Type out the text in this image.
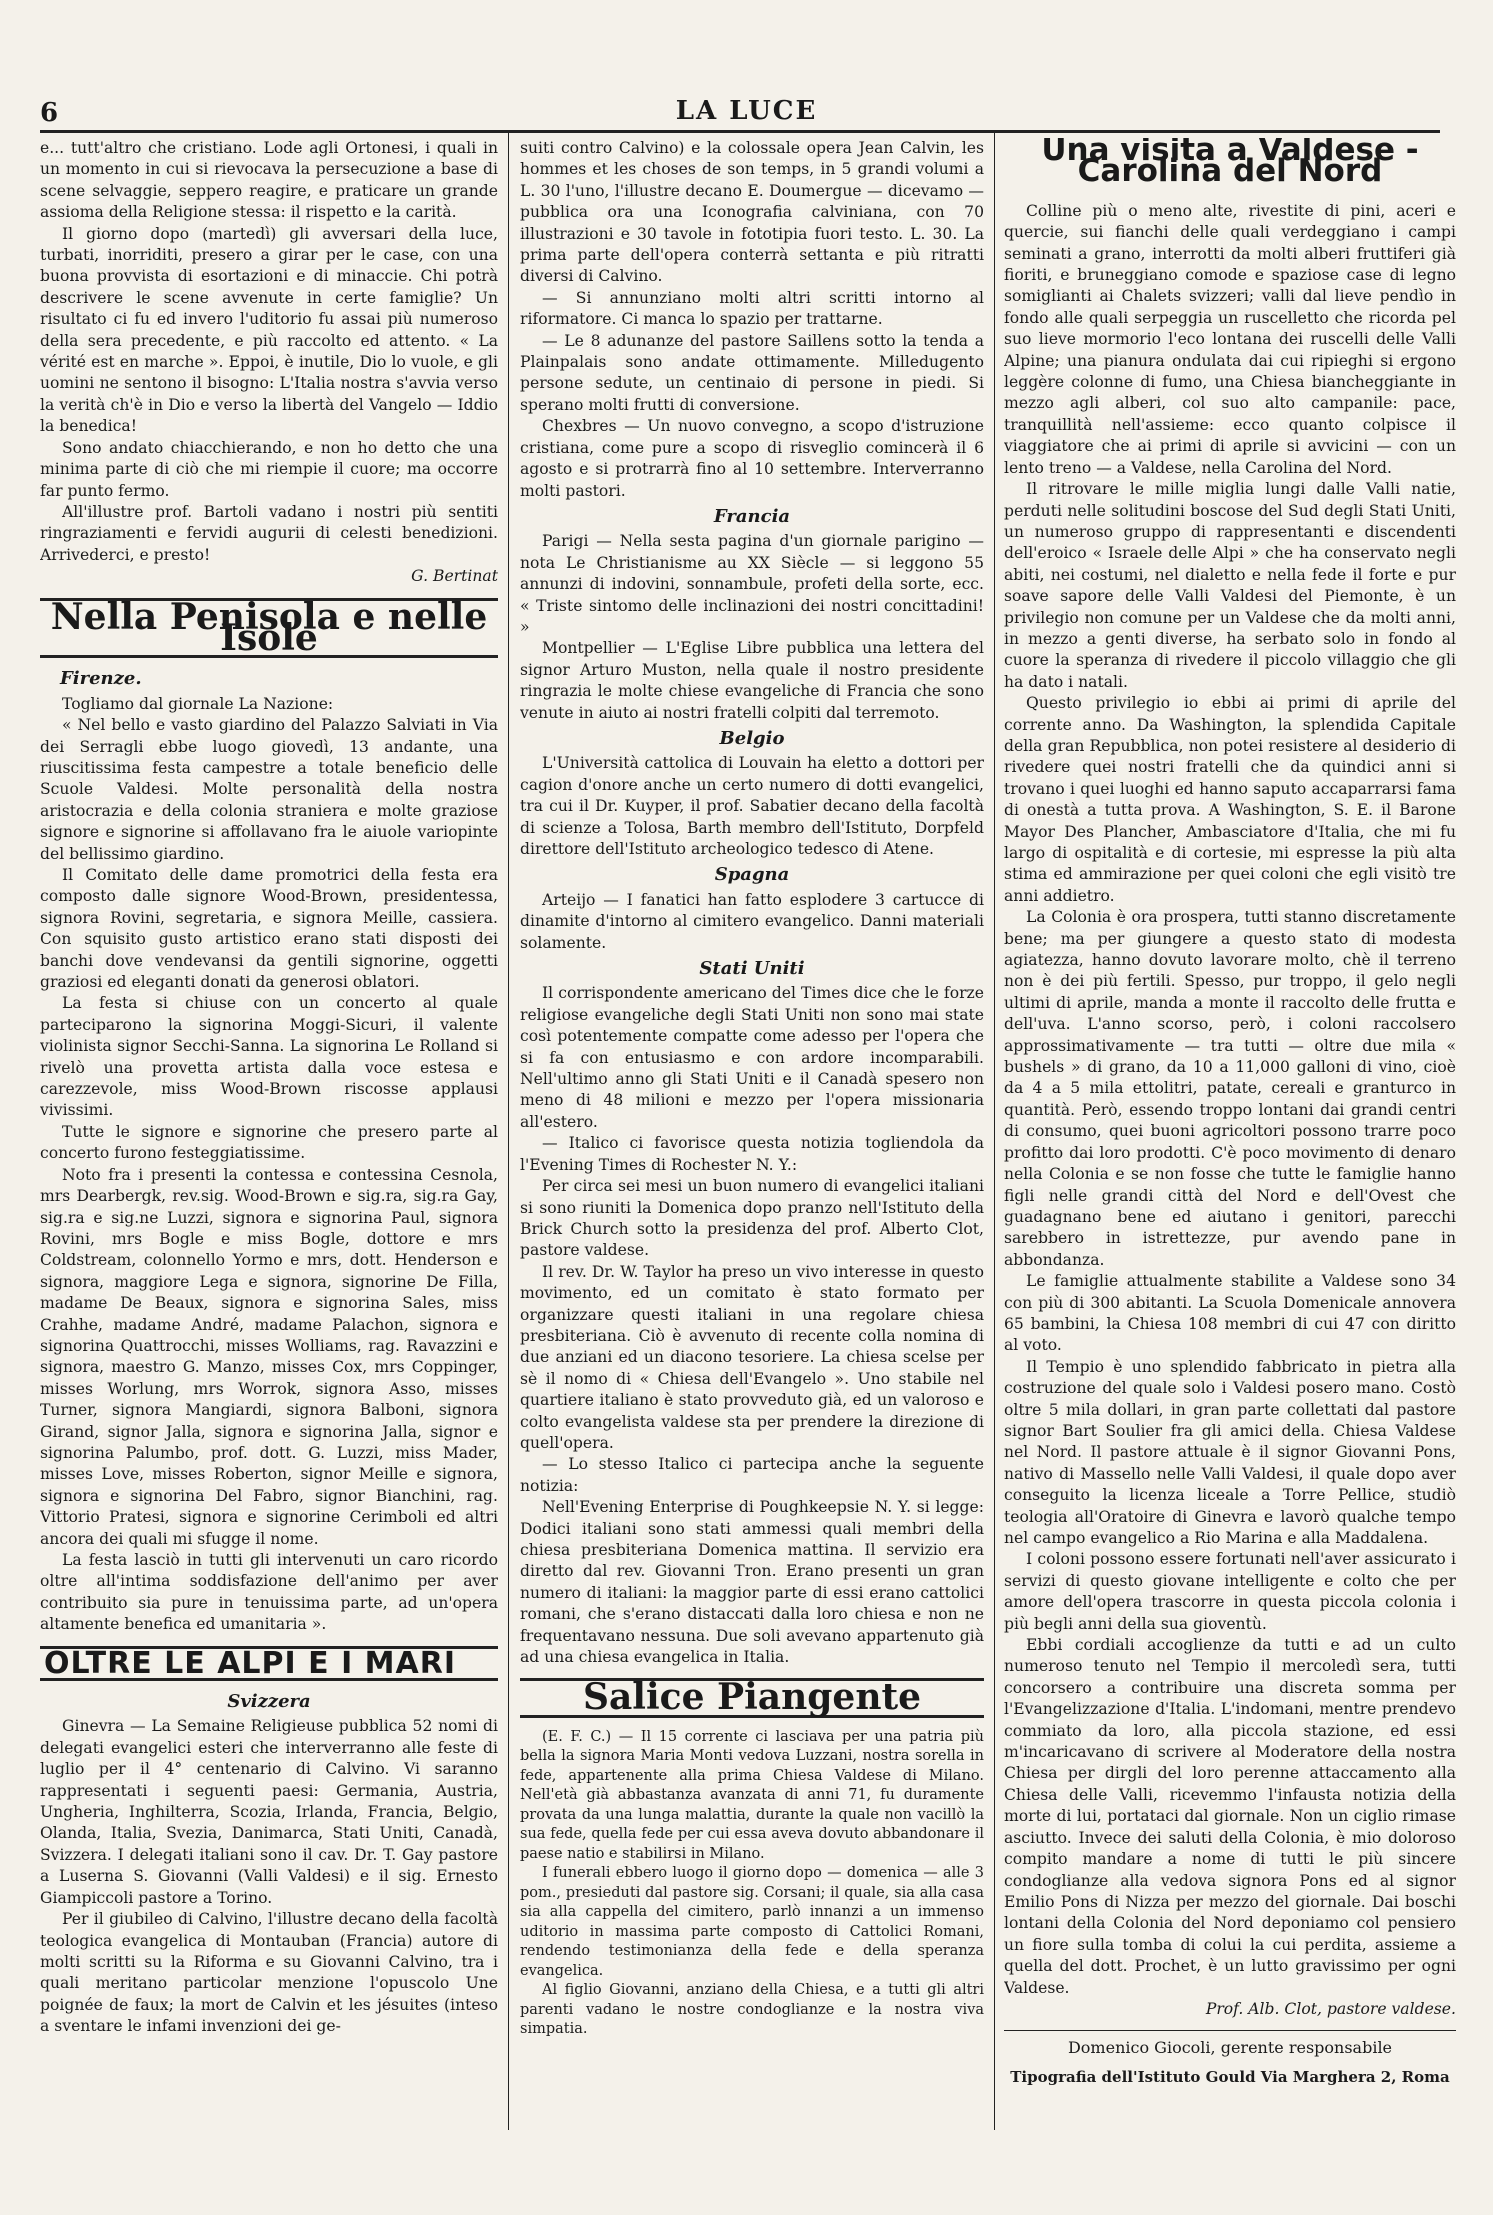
6	LA LUCE

e... tutt'altro che cristiano. Lode agli Ortonesi, i quali in un momento in cui si rievocava la persecuzione a base di scene selvaggie, seppero reagire, e praticare un grande assioma della Religione stessa: il rispetto e la carità.

Il giorno dopo (martedì) gli avversari della luce, turbati, inorriditi, presero a girar per le case, con una buona provvista di esortazioni e di minaccie. Chi potrà descrivere le scene avvenute in certe famiglie? Un risultato ci fu ed invero l'uditorio fu assai più numeroso della sera precedente, e più raccolto ed attento. « La vérité est en marche ». Eppoi, è inutile, Dio lo vuole, e gli uomini ne sentono il bisogno: L'Italia nostra s'avvia verso la verità ch'è in Dio e verso la libertà del Vangelo — Iddio la benedica!

Sono andato chiacchierando, e non ho detto che una minima parte di ciò che mi riempie il cuore; ma occorre far punto fermo.

All'illustre prof. Bartoli vadano i nostri più sentiti ringraziamenti e fervidi augurii di celesti benedizioni. Arrivederci, e presto!

G. Bertinat
Nella Penisola e nelle Isole
Firenze.

Togliamo dal giornale La Nazione:

« Nel bello e vasto giardino del Palazzo Salviati in Via dei Serragli ebbe luogo giovedì, 13 andante, una riuscitissima festa campestre a totale beneficio delle Scuole Valdesi. Molte personalità della nostra aristocrazia e della colonia straniera e molte graziose signore e signorine si affollavano fra le aiuole variopinte del bellissimo giardino.

Il Comitato delle dame promotrici della festa era composto dalle signore Wood-Brown, presidentessa, signora Rovini, segretaria, e signora Meille, cassiera. Con squisito gusto artistico erano stati disposti dei banchi dove vendevansi da gentili signorine, oggetti graziosi ed eleganti donati da generosi oblatori.

La festa si chiuse con un concerto al quale parteciparono la signorina Moggi-Sicuri, il valente violinista signor Secchi-Sanna. La signorina Le Rolland si rivelò una provetta artista dalla voce estesa e carezzevole, miss Wood-Brown riscosse applausi vivissimi.

Tutte le signore e signorine che presero parte al concerto furono festeggiatissime.

Noto fra i presenti la contessa e contessina Cesnola, mrs Dearbergk, rev.sig. Wood-Brown e sig.ra, sig.ra Gay, sig.ra e sig.ne Luzzi, signora e signorina Paul, signora Rovini, mrs Bogle e miss Bogle, dottore e mrs Coldstream, colonnello Yormo e mrs, dott. Henderson e signora, maggiore Lega e signora, signorine De Filla, madame De Beaux, signora e signorina Sales, miss Crahhe, madame André, madame Palachon, signora e signorina Quattrocchi, misses Wolliams, rag. Ravazzini e signora, maestro G. Manzo, misses Cox, mrs Coppinger, misses Worlung, mrs Worrok, signora Asso, misses Turner, signora Mangiardi, signora Balboni, signora Girand, signor Jalla, signora e signorina Jalla, signor e signorina Palumbo, prof. dott. G. Luzzi, miss Mader, misses Love, misses Roberton, signor Meille e signora, signora e signorina Del Fabro, signor Bianchini, rag. Vittorio Pratesi, signora e signorine Cerimboli ed altri ancora dei quali mi sfugge il nome.

La festa lasciò in tutti gli intervenuti un caro ricordo oltre all'intima soddisfazione dell'animo per aver contribuito sia pure in tenuissima parte, ad un'opera altamente benefica ed umanitaria ».

OLTRE LE ALPI E I MARI
Svizzera

Ginevra — La Semaine Religieuse pubblica 52 nomi di delegati evangelici esteri che interverranno alle feste di luglio per il 4° centenario di Calvino. Vi saranno rappresentati i seguenti paesi: Germania, Austria, Ungheria, Inghilterra, Scozia, Irlanda, Francia, Belgio, Olanda, Italia, Svezia, Danimarca, Stati Uniti, Canadà, Svizzera. I delegati italiani sono il cav. Dr. T. Gay pastore a Luserna S. Giovanni (Valli Valdesi) e il sig. Ernesto Giampiccoli pastore a Torino.

Per il giubileo di Calvino, l'illustre decano della facoltà teologica evangelica di Montauban (Francia) autore di molti scritti su la Riforma e su Giovanni Calvino, tra i quali meritano particolar menzione l'opuscolo Une poignée de faux; la mort de Calvin et les jésuites (inteso a sventare le infami invenzioni dei ge-

suiti contro Calvino) e la colossale opera Jean Calvin, les hommes et les choses de son temps, in 5 grandi volumi a L. 30 l'uno, l'illustre decano E. Doumergue — dicevamo — pubblica ora una Iconografia calviniana, con 70 illustrazioni e 30 tavole in fototipia fuori testo. L. 30. La prima parte dell'opera conterrà settanta e più ritratti diversi di Calvino.

— Si annunziano molti altri scritti intorno al riformatore. Ci manca lo spazio per trattarne.

— Le 8 adunanze del pastore Saillens sotto la tenda a Plainpalais sono andate ottimamente. Milledugento persone sedute, un centinaio di persone in piedi. Si sperano molti frutti di conversione.

Chexbres — Un nuovo convegno, a scopo d'istruzione cristiana, come pure a scopo di risveglio comincerà il 6 agosto e si protrarrà fino al 10 settembre. Interverranno molti pastori.

Francia

Parigi — Nella sesta pagina d'un giornale parigino — nota Le Christianisme au XX Siècle — si leggono 55 annunzi di indovini, sonnambule, profeti della sorte, ecc. « Triste sintomo delle inclinazioni dei nostri concittadini! »

Montpellier — L'Eglise Libre pubblica una lettera del signor Arturo Muston, nella quale il nostro presidente ringrazia le molte chiese evangeliche di Francia che sono venute in aiuto ai nostri fratelli colpiti dal terremoto.

Belgio

L'Università cattolica di Louvain ha eletto a dottori per cagion d'onore anche un certo numero di dotti evangelici, tra cui il Dr. Kuyper, il prof. Sabatier decano della facoltà di scienze a Tolosa, Barth membro dell'Istituto, Dorpfeld direttore dell'Istituto archeologico tedesco di Atene.

Spagna

Arteijo — I fanatici han fatto esplodere 3 cartucce di dinamite d'intorno al cimitero evangelico. Danni materiali solamente.

Stati Uniti

Il corrispondente americano del Times dice che le forze religiose evangeliche degli Stati Uniti non sono mai state così potentemente compatte come adesso per l'opera che si fa con entusiasmo e con ardore incomparabili. Nell'ultimo anno gli Stati Uniti e il Canadà spesero non meno di 48 milioni e mezzo per l'opera missionaria all'estero.

— Italico ci favorisce questa notizia togliendola da l'Evening Times di Rochester N. Y.:

Per circa sei mesi un buon numero di evangelici italiani si sono riuniti la Domenica dopo pranzo nell'Istituto della Brick Church sotto la presidenza del prof. Alberto Clot, pastore valdese.

Il rev. Dr. W. Taylor ha preso un vivo interesse in questo movimento, ed un comitato è stato formato per organizzare questi italiani in una regolare chiesa presbiteriana. Ciò è avvenuto di recente colla nomina di due anziani ed un diacono tesoriere. La chiesa scelse per sè il nomo di « Chiesa dell'Evangelo ». Uno stabile nel quartiere italiano è stato provveduto già, ed un valoroso e colto evangelista valdese sta per prendere la direzione di quell'opera.

— Lo stesso Italico ci partecipa anche la seguente notizia:

Nell'Evening Enterprise di Poughkeepsie N. Y. si legge: Dodici italiani sono stati ammessi quali membri della chiesa presbiteriana Domenica mattina. Il servizio era diretto dal rev. Giovanni Tron. Erano presenti un gran numero di italiani: la maggior parte di essi erano cattolici romani, che s'erano distaccati dalla loro chiesa e non ne frequentavano nessuna. Due soli avevano appartenuto già ad una chiesa evangelica in Italia.

Salice Piangente

(E. F. C.) — Il 15 corrente ci lasciava per una patria più bella la signora Maria Monti vedova Luzzani, nostra sorella in fede, appartenente alla prima Chiesa Valdese di Milano. Nell'età già abbastanza avanzata di anni 71, fu duramente provata da una lunga malattia, durante la quale non vacillò la sua fede, quella fede per cui essa aveva dovuto abbandonare il paese natio e stabilirsi in Milano.

I funerali ebbero luogo il giorno dopo — domenica — alle 3 pom., presieduti dal pastore sig. Corsani; il quale, sia alla casa sia alla cappella del cimitero, parlò innanzi a un immenso uditorio in massima parte composto di Cattolici Romani, rendendo testimonianza della fede e della speranza evangelica.

Al figlio Giovanni, anziano della Chiesa, e a tutti gli altri parenti vadano le nostre condoglianze e la nostra viva simpatia.

Una visita a Valdese - Carolina del Nord

Colline più o meno alte, rivestite di pini, aceri e quercie, sui fianchi delle quali verdeggiano i campi seminati a grano, interrotti da molti alberi fruttiferi già fioriti, e bruneggiano comode e spaziose case di legno somiglianti ai Chalets svizzeri; valli dal lieve pendìo in fondo alle quali serpeggia un ruscelletto che ricorda pel suo lieve mormorio l'eco lontana dei ruscelli delle Valli Alpine; una pianura ondulata dai cui ripieghi si ergono leggère colonne di fumo, una Chiesa biancheggiante in mezzo agli alberi, col suo alto campanile: pace, tranquillità nell'assieme: ecco quanto colpisce il viaggiatore che ai primi di aprile si avvicini — con un lento treno — a Valdese, nella Carolina del Nord.

Il ritrovare le mille miglia lungi dalle Valli natie, perduti nelle solitudini boscose del Sud degli Stati Uniti, un numeroso gruppo di rappresentanti e discendenti dell'eroico « Israele delle Alpi » che ha conservato negli abiti, nei costumi, nel dialetto e nella fede il forte e pur soave sapore delle Valli Valdesi del Piemonte, è un privilegio non comune per un Valdese che da molti anni, in mezzo a genti diverse, ha serbato solo in fondo al cuore la speranza di rivedere il piccolo villaggio che gli ha dato i natali.

Questo privilegio io ebbi ai primi di aprile del corrente anno. Da Washington, la splendida Capitale della gran Repubblica, non potei resistere al desiderio di rivedere quei nostri fratelli che da quindici anni si trovano i quei luoghi ed hanno saputo accaparrarsi fama di onestà a tutta prova. A Washington, S. E. il Barone Mayor Des Plancher, Ambasciatore d'Italia, che mi fu largo di ospitalità e di cortesie, mi espresse la più alta stima ed ammirazione per quei coloni che egli visitò tre anni addietro.

La Colonia è ora prospera, tutti stanno discretamente bene; ma per giungere a questo stato di modesta agiatezza, hanno dovuto lavorare molto, chè il terreno non è dei più fertili. Spesso, pur troppo, il gelo negli ultimi di aprile, manda a monte il raccolto delle frutta e dell'uva. L'anno scorso, però, i coloni raccolsero approssimativamente — tra tutti — oltre due mila « bushels » di grano, da 10 a 11,000 galloni di vino, cioè da 4 a 5 mila ettolitri, patate, cereali e granturco in quantità. Però, essendo troppo lontani dai grandi centri di consumo, quei buoni agricoltori possono trarre poco profitto dai loro prodotti. C'è poco movimento di denaro nella Colonia e se non fosse che tutte le famiglie hanno figli nelle grandi città del Nord e dell'Ovest che guadagnano bene ed aiutano i genitori, parecchi sarebbero in istrettezze, pur avendo pane in abbondanza.

Le famiglie attualmente stabilite a Valdese sono 34 con più di 300 abitanti. La Scuola Domenicale annovera 65 bambini, la Chiesa 108 membri di cui 47 con diritto al voto.

Il Tempio è uno splendido fabbricato in pietra alla costruzione del quale solo i Valdesi posero mano. Costò oltre 5 mila dollari, in gran parte collettati dal pastore signor Bart Soulier fra gli amici della. Chiesa Valdese nel Nord. Il pastore attuale è il signor Giovanni Pons, nativo di Massello nelle Valli Valdesi, il quale dopo aver conseguito la licenza liceale a Torre Pellice, studiò teologia all'Oratoire di Ginevra e lavorò qualche tempo nel campo evangelico a Rio Marina e alla Maddalena.

I coloni possono essere fortunati nell'aver assicurato i servizi di questo giovane intelligente e colto che per amore dell'opera trascorre in questa piccola colonia i più begli anni della sua gioventù.

Ebbi cordiali accoglienze da tutti e ad un culto numeroso tenuto nel Tempio il mercoledì sera, tutti concorsero a contribuire una discreta somma per l'Evangelizzazione d'Italia. L'indomani, mentre prendevo commiato da loro, alla piccola stazione, ed essi m'incaricavano di scrivere al Moderatore della nostra Chiesa per dirgli del loro perenne attaccamento alla Chiesa delle Valli, ricevemmo l'infausta notizia della morte di lui, portataci dal giornale. Non un ciglio rimase asciutto. Invece dei saluti della Colonia, è mio doloroso compito mandare a nome di tutti le più sincere condoglianze alla vedova signora Pons ed al signor Emilio Pons di Nizza per mezzo del giornale. Dai boschi lontani della Colonia del Nord deponiamo col pensiero un fiore sulla tomba di colui la cui perdita, assieme a quella del dott. Prochet, è un lutto gravissimo per ogni Valdese.

Prof. Alb. Clot, pastore valdese.
Domenico Giocoli, gerente responsabile
Tipografia dell'Istituto Gould Via Marghera 2, Roma
